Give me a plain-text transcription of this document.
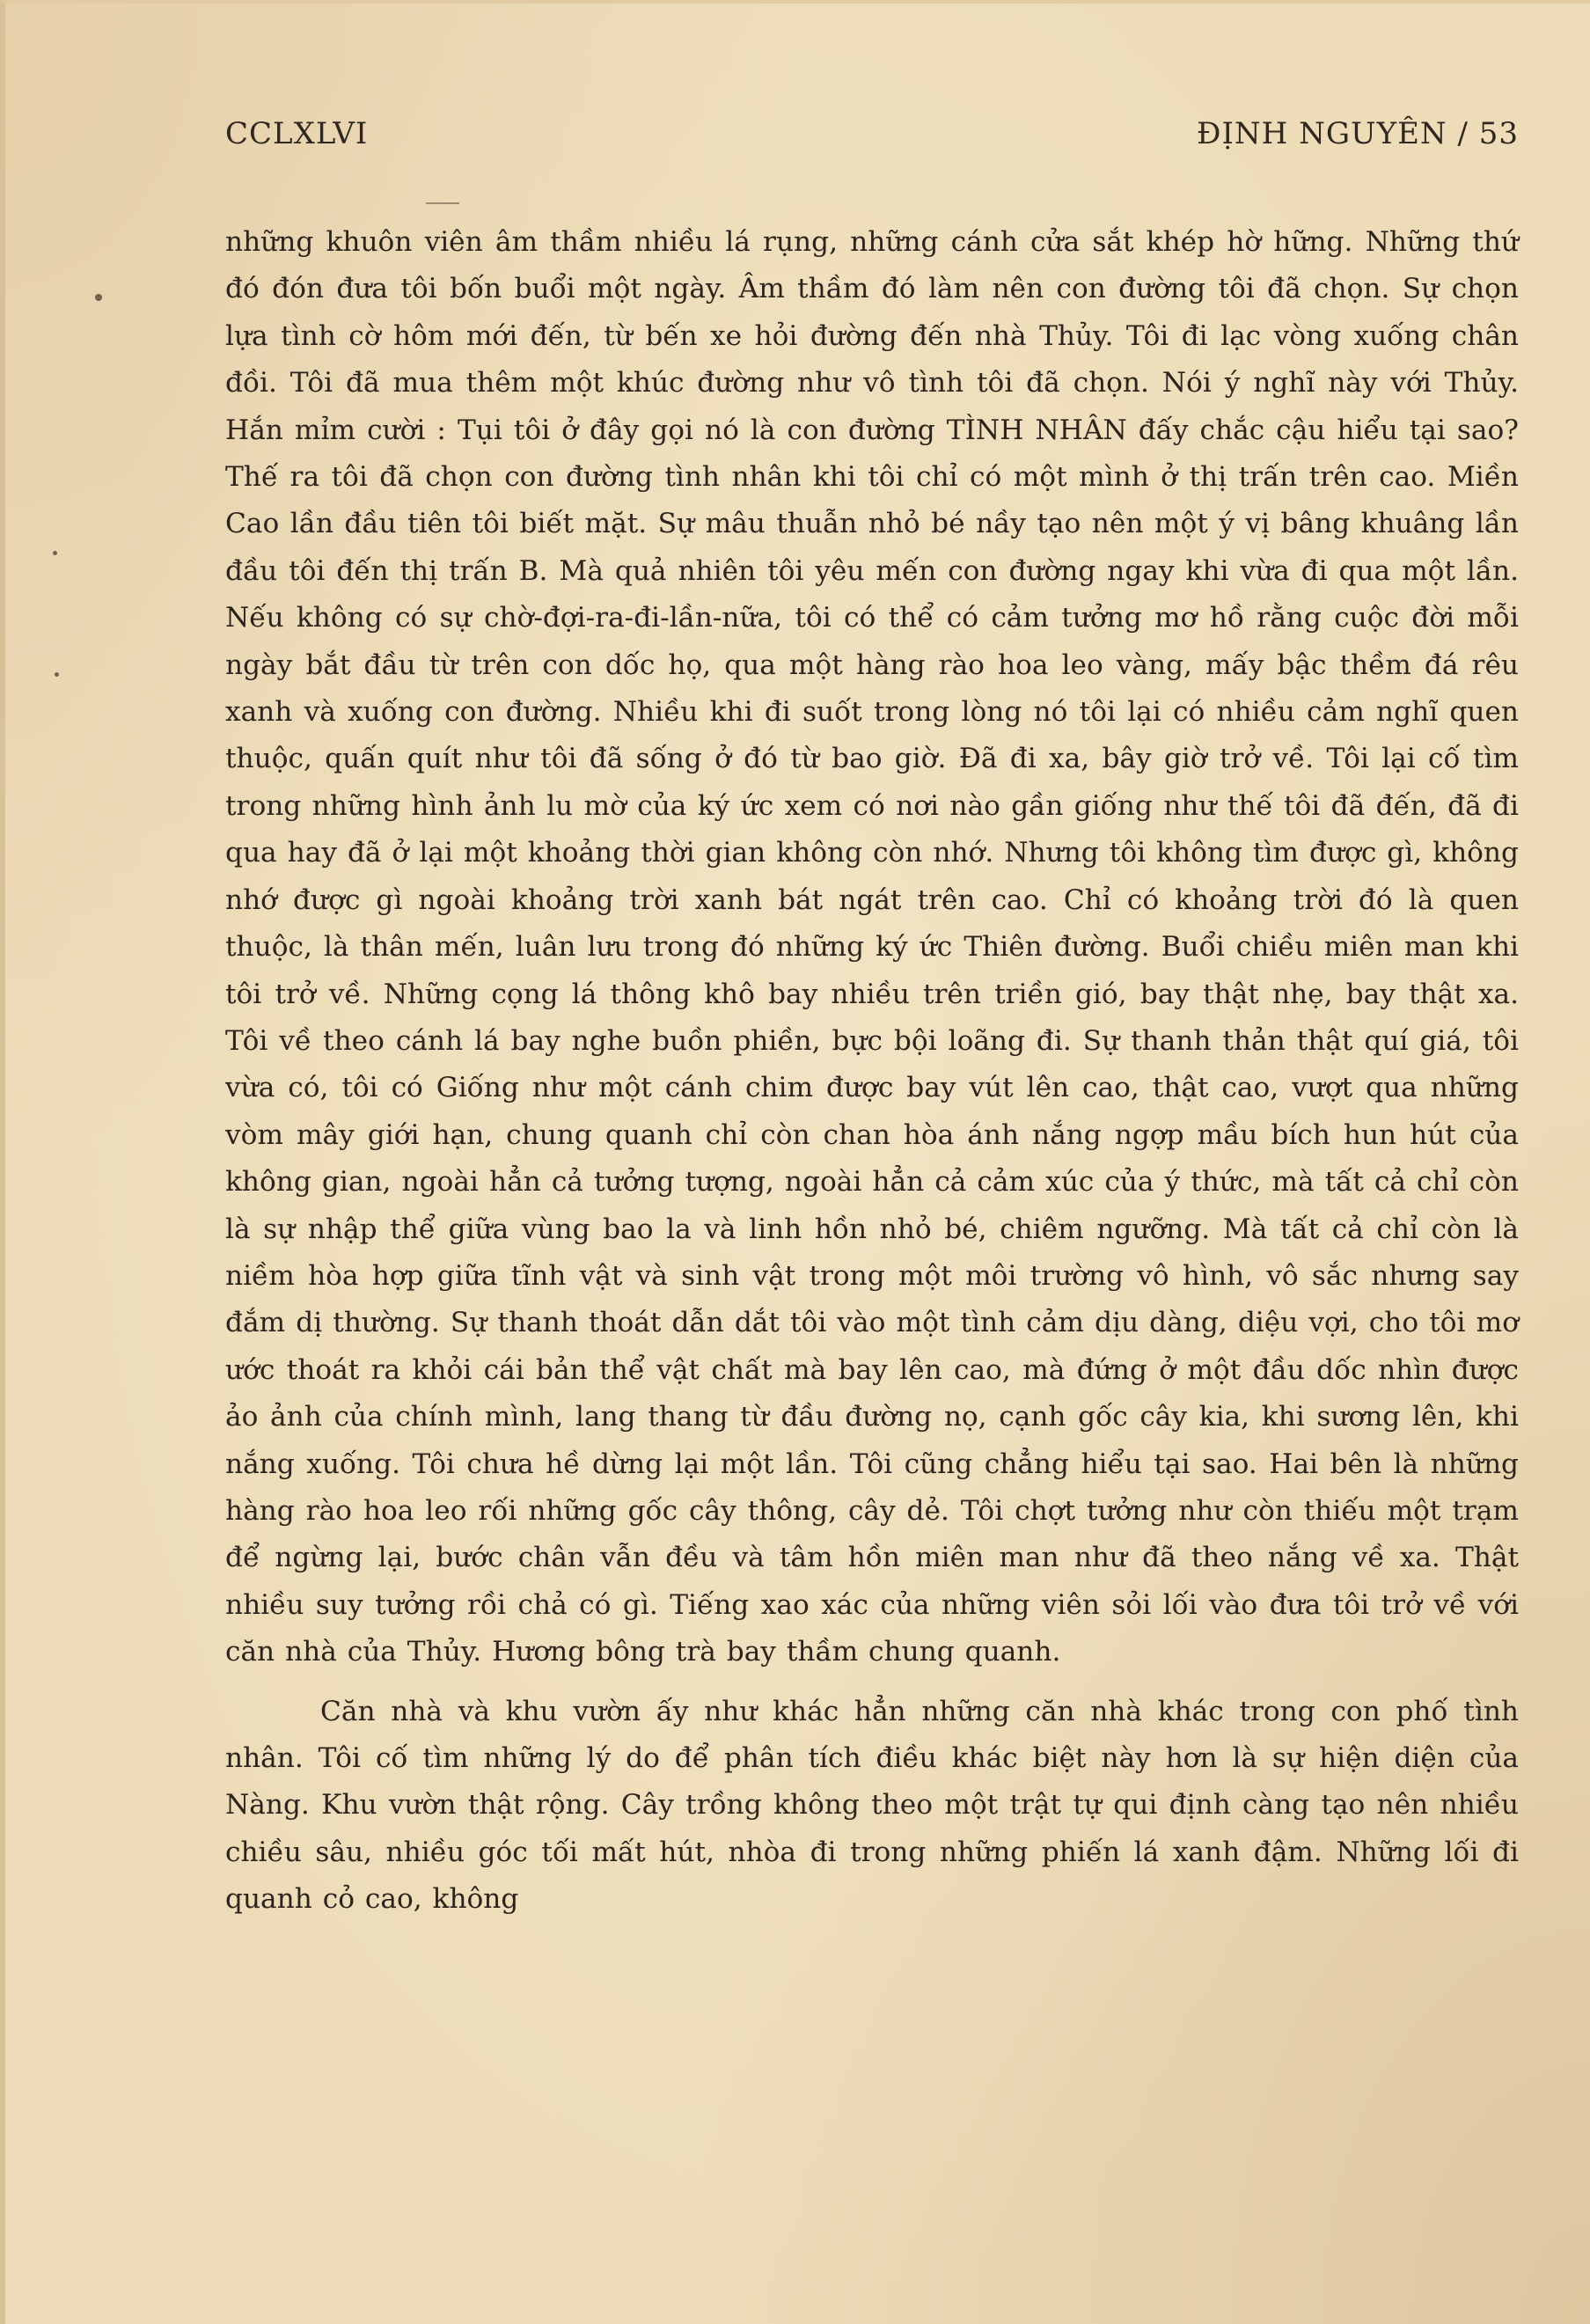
CCLXLVI	ĐỊNH NGUYÊN / 53

những khuôn viên âm thầm nhiều lá rụng, những cánh cửa sắt khép hờ hững. Những thứ đó đón đưa tôi bốn buổi một ngày. Âm thầm đó làm nên con đường tôi đã chọn. Sự chọn lựa tình cờ hôm mới đến, từ bến xe hỏi đường đến nhà Thủy. Tôi đi lạc vòng xuống chân đồi. Tôi đã mua thêm một khúc đường như vô tình tôi đã chọn. Nói ý nghĩ này với Thủy. Hắn mỉm cười : Tụi tôi ở đây gọi nó là con đường TÌNH NHÂN đấy chắc cậu hiểu tại sao? Thế ra tôi đã chọn con đường tình nhân khi tôi chỉ có một mình ở thị trấn trên cao. Miền Cao lần đầu tiên tôi biết mặt. Sự mâu thuẫn nhỏ bé nầy tạo nên một ý vị bâng khuâng lần đầu tôi đến thị trấn B. Mà quả nhiên tôi yêu mến con đường ngay khi vừa đi qua một lần. Nếu không có sự chờ-đợi-ra-đi-lần-nữa, tôi có thể có cảm tưởng mơ hồ rằng cuộc đời mỗi ngày bắt đầu từ trên con dốc họ, qua một hàng rào hoa leo vàng, mấy bậc thềm đá rêu xanh và xuống con đường. Nhiều khi đi suốt trong lòng nó tôi lại có nhiều cảm nghĩ quen thuộc, quấn quít như tôi đã sống ở đó từ bao giờ. Đã đi xa, bây giờ trở về. Tôi lại cố tìm trong những hình ảnh lu mờ của ký ức xem có nơi nào gần giống như thế tôi đã đến, đã đi qua hay đã ở lại một khoảng thời gian không còn nhớ. Nhưng tôi không tìm được gì, không nhớ được gì ngoài khoảng trời xanh bát ngát trên cao. Chỉ có khoảng trời đó là quen thuộc, là thân mến, luân lưu trong đó những ký ức Thiên đường. Buổi chiều miên man khi tôi trở về. Những cọng lá thông khô bay nhiều trên triền gió, bay thật nhẹ, bay thật xa. Tôi về theo cánh lá bay nghe buồn phiền, bực bội loãng đi. Sự thanh thản thật quí giá, tôi vừa có, tôi có Giống như một cánh chim được bay vút lên cao, thật cao, vượt qua những vòm mây giới hạn, chung quanh chỉ còn chan hòa ánh nắng ngợp mầu bích hun hút của không gian, ngoài hẳn cả tưởng tượng, ngoài hẳn cả cảm xúc của ý thức, mà tất cả chỉ còn là sự nhập thể giữa vùng bao la và linh hồn nhỏ bé, chiêm ngưỡng. Mà tất cả chỉ còn là niềm hòa hợp giữa tĩnh vật và sinh vật trong một môi trường vô hình, vô sắc nhưng say đắm dị thường. Sự thanh thoát dẫn dắt tôi vào một tình cảm dịu dàng, diệu vợi, cho tôi mơ ước thoát ra khỏi cái bản thể vật chất mà bay lên cao, mà đứng ở một đầu dốc nhìn được ảo ảnh của chính mình, lang thang từ đầu đường nọ, cạnh gốc cây kia, khi sương lên, khi nắng xuống. Tôi chưa hề dừng lại một lần. Tôi cũng chẳng hiểu tại sao. Hai bên là những hàng rào hoa leo rối những gốc cây thông, cây dẻ. Tôi chợt tưởng như còn thiếu một trạm để ngừng lại, bước chân vẫn đều và tâm hồn miên man như đã theo nắng về xa. Thật nhiều suy tưởng rồi chả có gì. Tiếng xao xác của những viên sỏi lối vào đưa tôi trở về với căn nhà của Thủy. Hương bông trà bay thầm chung quanh.

Căn nhà và khu vườn ấy như khác hẳn những căn nhà khác trong con phố tình nhân. Tôi cố tìm những lý do để phân tích điều khác biệt này hơn là sự hiện diện của Nàng. Khu vườn thật rộng. Cây trồng không theo một trật tự qui định càng tạo nên nhiều chiều sâu, nhiều góc tối mất hút, nhòa đi trong những phiến lá xanh đậm. Những lối đi quanh cỏ cao, không
